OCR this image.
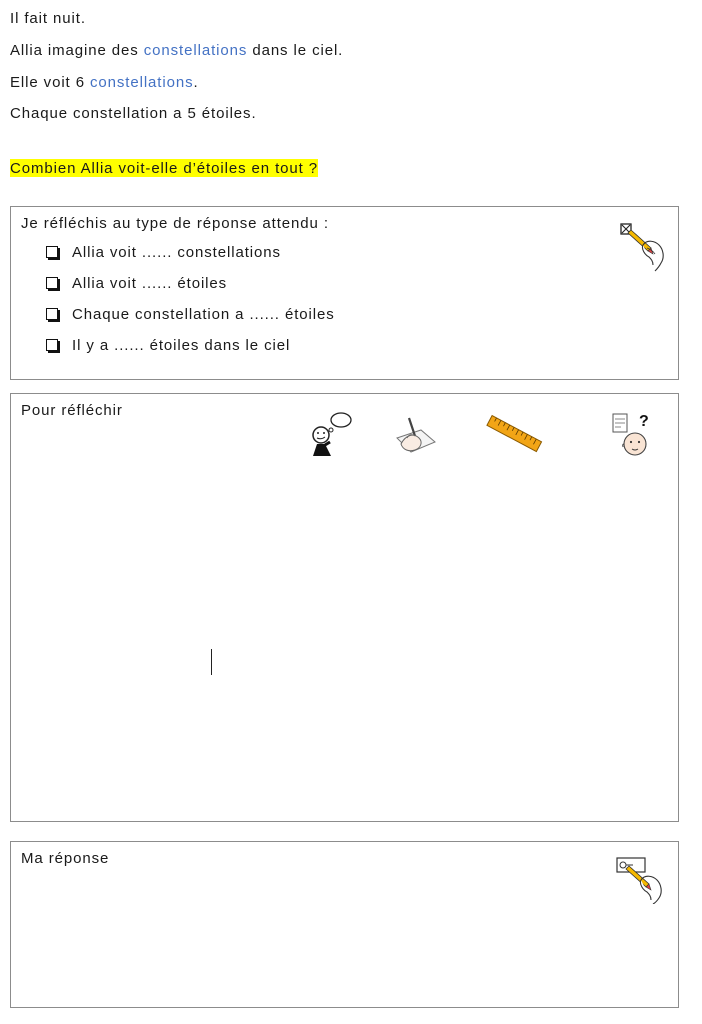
Il fait nuit.
Allia imagine des constellations dans le ciel.
Elle voit 6 constellations.
Chaque constellation a 5 étoiles.
Combien Allia voit-elle d’étoiles en tout ?
Je réfléchis au type de réponse attendu :
Allia voit ...... constellations
Allia voit ...... étoiles
Chaque constellation a ...... étoiles
Il y a ...... étoiles dans le ciel
Pour réfléchir
?
Ma réponse
